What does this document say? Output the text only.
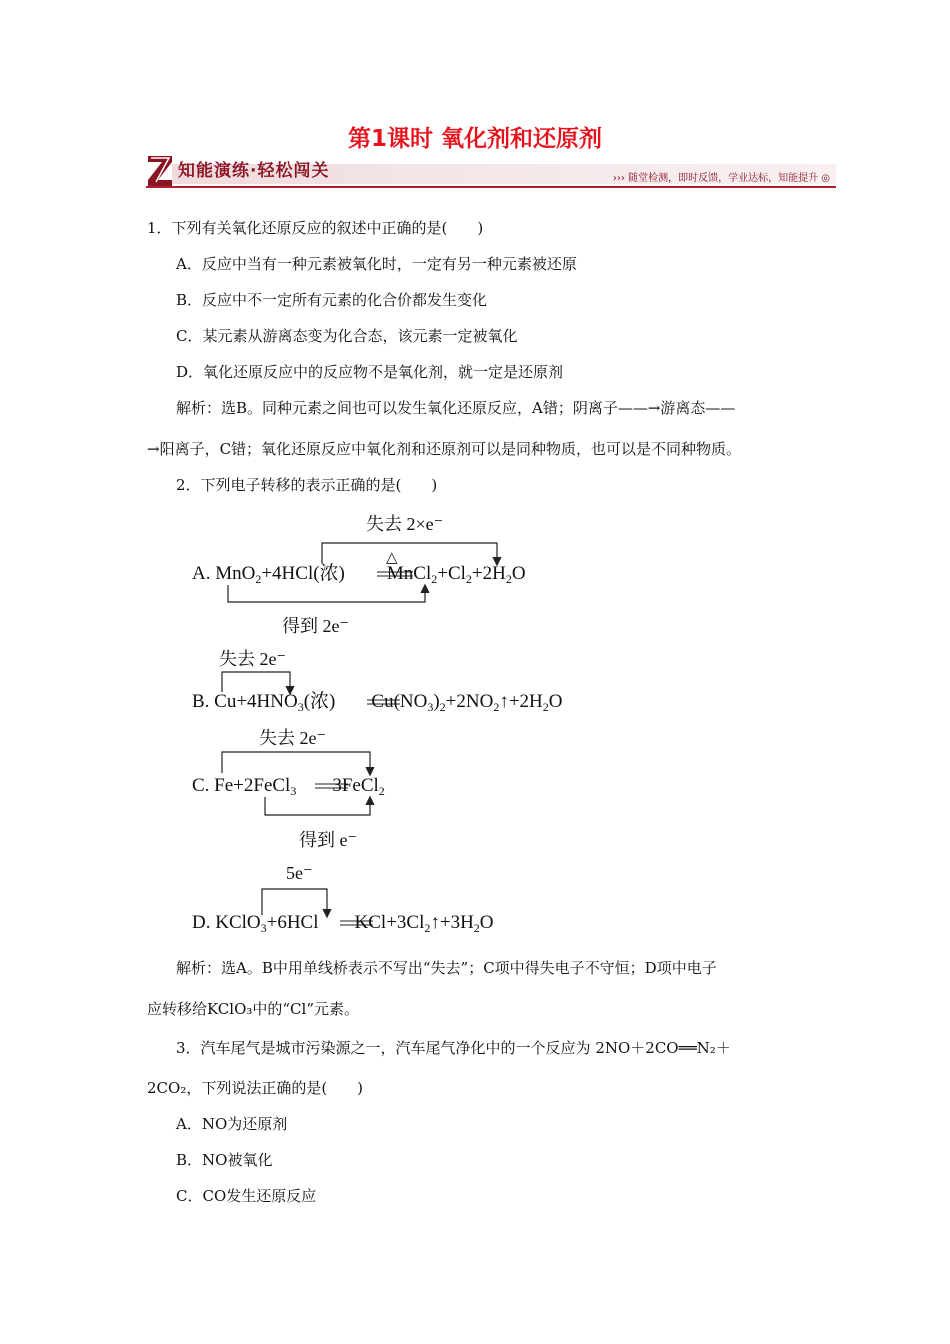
第1课时 氧化剂和还原剂
知能演练·轻松闯关	››› 随堂检测，即时反馈，学业达标，知能提升 ◎
1．下列有关氧化还原反应的叙述中正确的是(　　)
A．反应中当有一种元素被氧化时，一定有另一种元素被还原
B．反应中不一定所有元素的化合价都发生变化
C．某元素从游离态变为化合态，该元素一定被氧化
D．氧化还原反应中的反应物不是氧化剂，就一定是还原剂
解析：选B。同种元素之间也可以发生氧化还原反应，A错；阴离子——→游离态——
→阳离子，C错；氧化还原反应中氧化剂和还原剂可以是同种物质，也可以是不同种物质。
2．下列电子转移的表示正确的是(　　)
失去 2×e⁻
△
A. MnO$_2$+4HCl(浓) $MnCl_2+Cl_2+2H_2O$
得到 2e⁻
失去 2e⁻
B. $Cu+4HNO_3$(浓) $Cu(NO_3)_2+2NO_2↑+2H_2O$
失去 2e⁻
C. Fe+2FeCl$_3$ 3FeCl$_2$
得到 e⁻
5e⁻
D. KClO$_3$+6HCl $KCl+3Cl_2↑+3H_2O$
解析：选A。B中用单线桥表示不写出“失去”；C项中得失电子不守恒；D项中电子
应转移给KClO₃中的“Cl”元素。
3．汽车尾气是城市污染源之一，汽车尾气净化中的一个反应为 2NO＋2CO══N₂＋
2CO₂，下列说法正确的是(　　)
A．NO为还原剂
B．NO被氧化
C．CO发生还原反应
